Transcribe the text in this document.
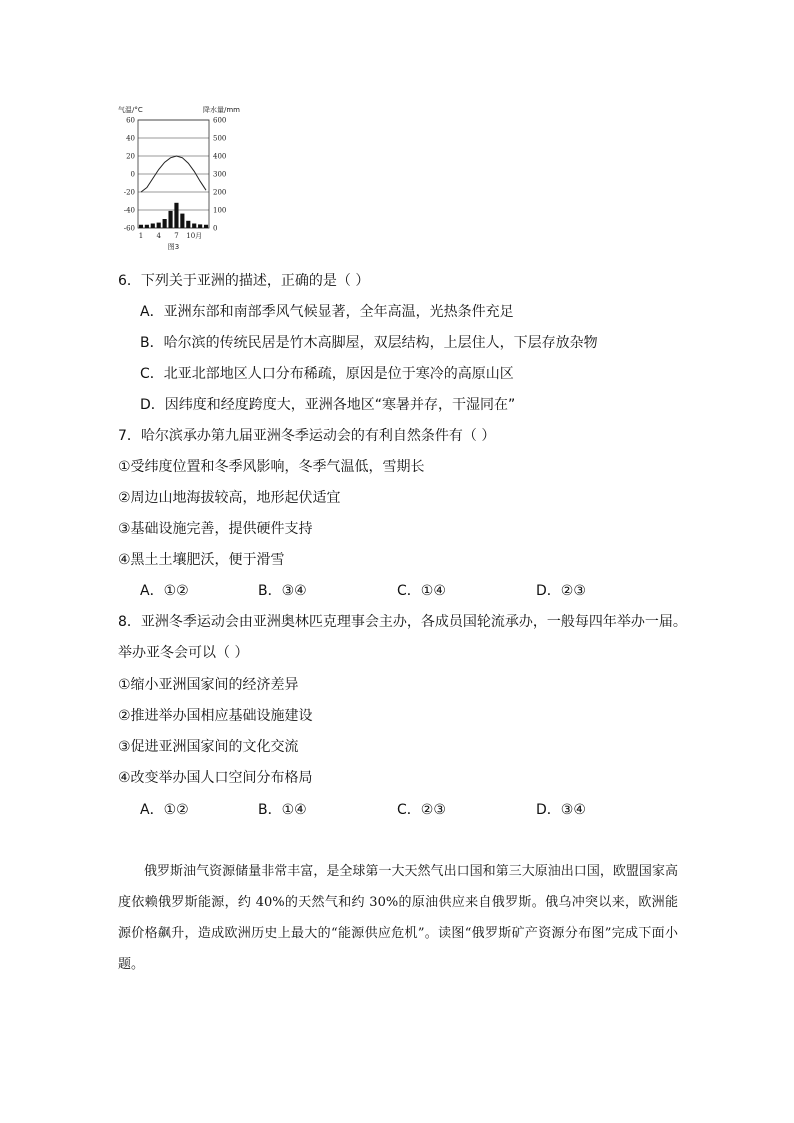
气温/°C	降水量/mm
60
40
20
0
-20
-40
-60
600
500
400
300
200
100
0
1 4 7 10月
图3
6．下列关于亚洲的描述，正确的是（ ）
A．亚洲东部和南部季风气候显著，全年高温，光热条件充足
B．哈尔滨的传统民居是竹木高脚屋，双层结构，上层住人，下层存放杂物
C．北亚北部地区人口分布稀疏，原因是位于寒冷的高原山区
D．因纬度和经度跨度大，亚洲各地区“寒暑并存，干湿同在”
7．哈尔滨承办第九届亚洲冬季运动会的有利自然条件有（ ）
①受纬度位置和冬季风影响，冬季气温低，雪期长
②周边山地海拔较高，地形起伏适宜
③基础设施完善，提供硬件支持
④黑土土壤肥沃，便于滑雪
A．①②	B．③④	C．①④	D．②③
8．亚洲冬季运动会由亚洲奥林匹克理事会主办，各成员国轮流承办，一般每四年举办一届。
举办亚冬会可以（ ）
①缩小亚洲国家间的经济差异
②推进举办国相应基础设施建设
③促进亚洲国家间的文化交流
④改变举办国人口空间分布格局
A．①②	B．①④	C．②③	D．③④
俄罗斯油气资源储量非常丰富，是全球第一大天然气出口国和第三大原油出口国，欧盟国家高度依赖俄罗斯能源，约 40%的天然气和约 30%的原油供应来自俄罗斯。俄乌冲突以来，欧洲能源价格飙升，造成欧洲历史上最大的“能源供应危机”。读图“俄罗斯矿产资源分布图”完成下面小题。
